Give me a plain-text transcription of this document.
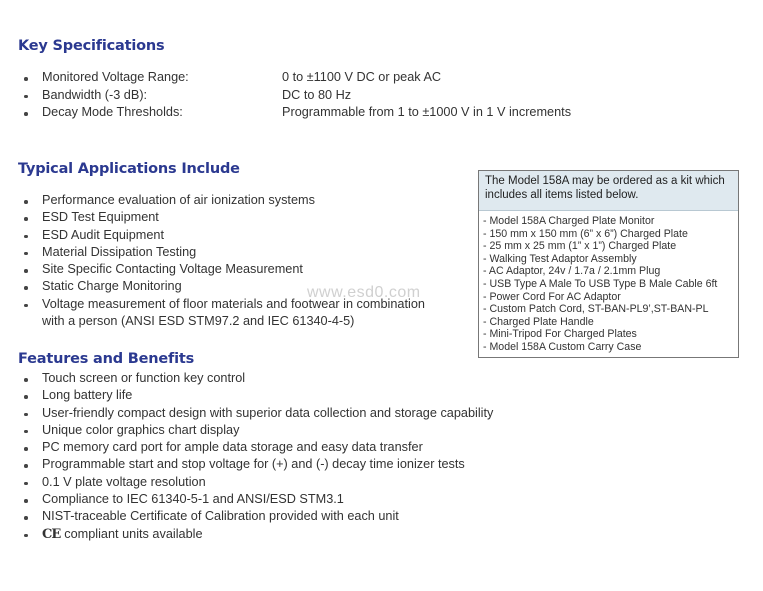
Key Specifications
Monitored Voltage Range:	0 to ±1100 V DC or peak AC
Bandwidth (-3 dB):	DC to 80 Hz
Decay Mode Thresholds:	Programmable from 1 to ±1000 V in 1 V increments
Typical Applications Include
Performance evaluation of air ionization systems
ESD Test Equipment
ESD Audit Equipment
Material Dissipation Testing
Site Specific Contacting Voltage Measurement
Static Charge Monitoring
Voltage measurement of floor materials and footwear in combination
with a person (ANSI ESD STM97.2 and IEC 61340-4-5)
www.esd0.com
Features and Benefits
Touch screen or function key control
Long battery life
User-friendly compact design with superior data collection and storage capability
Unique color graphics chart display
PC memory card port for ample data storage and easy data transfer
Programmable start and stop voltage for (+) and (-) decay time ionizer tests
0.1 V plate voltage resolution
Compliance to IEC 61340-5-1 and ANSI/ESD STM3.1
NIST-traceable Certificate of Calibration provided with each unit
CE compliant units available
The Model 158A may be ordered as a kit which includes all items listed below.
- Model 158A Charged Plate Monitor
- 150 mm x 150 mm (6” x 6”) Charged Plate
- 25 mm x 25 mm (1” x 1”) Charged Plate
- Walking Test Adaptor Assembly
- AC Adaptor, 24v / 1.7a / 2.1mm Plug
- USB Type A Male To USB Type B Male Cable 6ft
- Power Cord For AC Adaptor
- Custom Patch Cord, ST-BAN-PL9’,ST-BAN-PL
- Charged Plate Handle
- Mini-Tripod For Charged Plates
- Model 158A Custom Carry Case
